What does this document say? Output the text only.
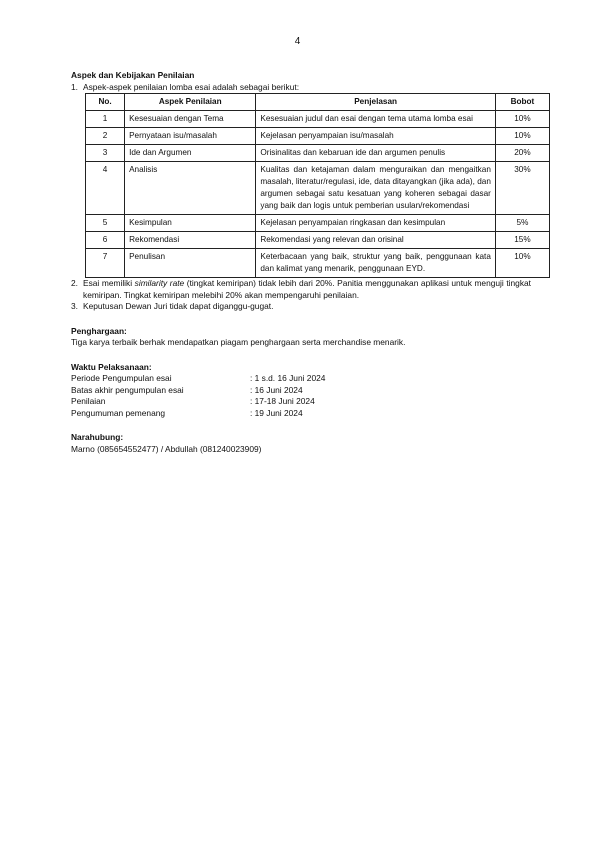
4
Aspek dan Kebijakan Penilaian
1. Aspek-aspek penilaian lomba esai adalah sebagai berikut:
No.	Aspek Penilaian	Penjelasan	Bobot
1	Kesesuaian dengan Tema	Kesesuaian judul dan esai dengan tema utama lomba esai	10%
2	Pernyataan isu/masalah	Kejelasan penyampaian isu/masalah	10%
3	Ide dan Argumen	Orisinalitas dan kebaruan ide dan argumen penulis	20%
4	Analisis	Kualitas dan ketajaman dalam menguraikan dan mengaitkan masalah, literatur/regulasi, ide, data ditayangkan (jika ada), dan argumen sebagai satu kesatuan yang koheren sebagai dasar yang baik dan logis untuk pemberian usulan/rekomendasi	30%
5	Kesimpulan	Kejelasan penyampaian ringkasan dan kesimpulan	5%
6	Rekomendasi	Rekomendasi yang relevan dan orisinal	15%
7	Penulisan	Keterbacaan yang baik, struktur yang baik, penggunaan kata dan kalimat yang menarik, penggunaan EYD.	10%
2. Esai memiliki similarity rate (tingkat kemiripan) tidak lebih dari 20%. Panitia menggunakan aplikasi untuk menguji tingkat kemiripan. Tingkat kemiripan melebihi 20% akan mempengaruhi penilaian.
3. Keputusan Dewan Juri tidak dapat diganggu-gugat.
Penghargaan:
Tiga karya terbaik berhak mendapatkan piagam penghargaan serta merchandise menarik.
Waktu Pelaksanaan:
Periode Pengumpulan esai	: 1 s.d. 16 Juni 2024
Batas akhir pengumpulan esai	: 16 Juni 2024
Penilaian	: 17-18 Juni 2024
Pengumuman pemenang	: 19 Juni 2024
Narahubung:
Marno (085654552477) / Abdullah (081240023909)
